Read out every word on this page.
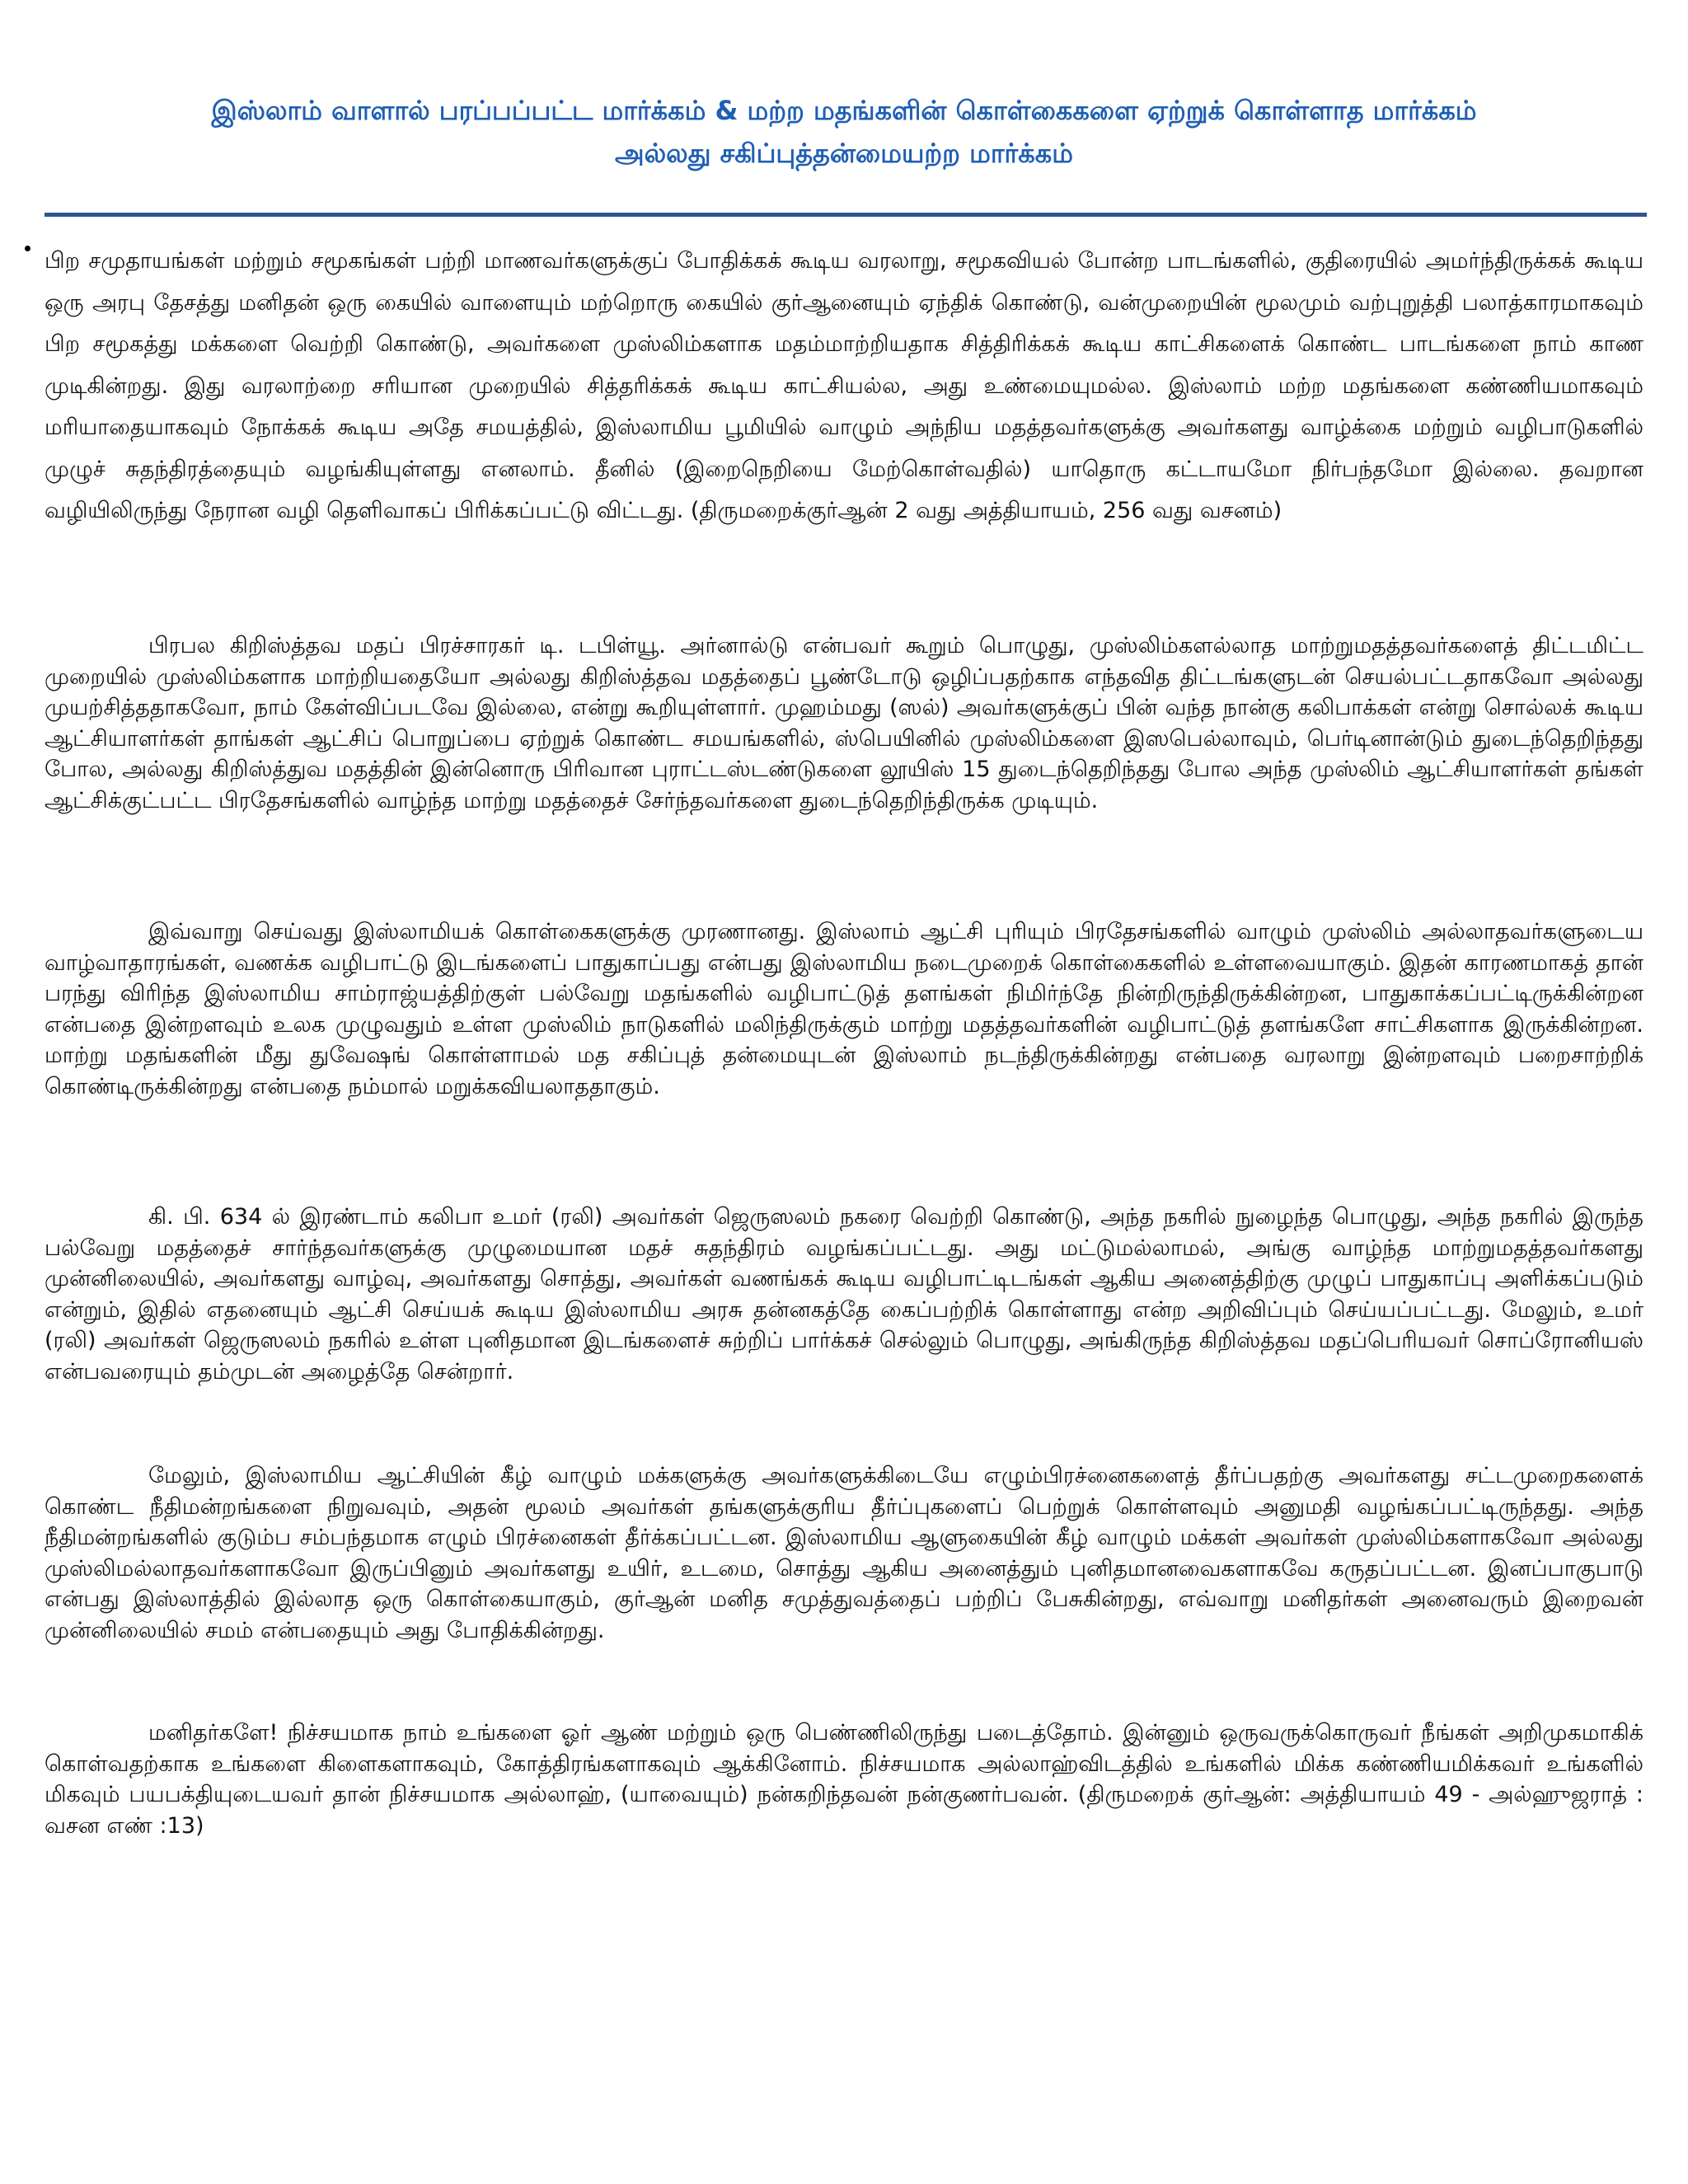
இஸ்லாம் வாளால் பரப்பப்பட்ட மார்க்கம் & மற்ற மதங்களின் கொள்கைகளை ஏற்றுக் கொள்ளாத மார்க்கம்
அல்லது சகிப்புத்தன்மையற்ற மார்க்கம்

பிற சமுதாயங்கள் மற்றும் சமூகங்கள் பற்றி மாணவர்களுக்குப் போதிக்கக் கூடிய வரலாறு, சமூகவியல் போன்ற பாடங்களில், குதிரையில் அமர்ந்திருக்கக் கூடிய ஒரு அரபு தேசத்து மனிதன் ஒரு கையில் வாளையும் மற்றொரு கையில் குர்ஆனையும் ஏந்திக் கொண்டு, வன்முறையின் மூலமும் வற்புறுத்தி பலாத்காரமாகவும் பிற சமூகத்து மக்களை வெற்றி கொண்டு, அவர்களை முஸ்லிம்களாக மதம்மாற்றியதாக சித்திரிக்கக் கூடிய காட்சிகளைக் கொண்ட பாடங்களை நாம் காண முடிகின்றது. இது வரலாற்றை சரியான முறையில் சித்தரிக்கக் கூடிய காட்சியல்ல, அது உண்மையுமல்ல. இஸ்லாம் மற்ற மதங்களை கண்ணியமாகவும் மரியாதையாகவும் நோக்கக் கூடிய அதே சமயத்தில், இஸ்லாமிய பூமியில் வாழும் அந்நிய மதத்தவர்களுக்கு அவர்களது வாழ்க்கை மற்றும் வழிபாடுகளில் முழுச் சுதந்திரத்தையும் வழங்கியுள்ளது எனலாம். தீனில் (இறைநெறியை மேற்கொள்வதில்) யாதொரு கட்டாயமோ நிர்பந்தமோ இல்லை. தவறான வழியிலிருந்து நேரான வழி தெளிவாகப் பிரிக்கப்பட்டு விட்டது. (திருமறைக்குர்ஆன் 2 வது அத்தியாயம், 256 வது வசனம்)

பிரபல கிறிஸ்த்தவ மதப் பிரச்சாரகர் டி. டபிள்யூ. அர்னால்டு என்பவர் கூறும் பொழுது, முஸ்லிம்களல்லாத மாற்றுமதத்தவர்களைத் திட்டமிட்ட முறையில் முஸ்லிம்களாக மாற்றியதையோ அல்லது கிறிஸ்த்தவ மதத்தைப் பூண்டோடு ஒழிப்பதற்காக எந்தவித திட்டங்களுடன் செயல்பட்டதாகவோ அல்லது முயற்சித்ததாகவோ, நாம் கேள்விப்படவே இல்லை, என்று கூறியுள்ளார். முஹம்மது (ஸல்) அவர்களுக்குப் பின் வந்த நான்கு கலிபாக்கள் என்று சொல்லக் கூடிய ஆட்சியாளர்கள் தாங்கள் ஆட்சிப் பொறுப்பை ஏற்றுக் கொண்ட சமயங்களில், ஸ்பெயினில் முஸ்லிம்களை இஸபெல்லாவும், பெர்டினான்டும் துடைந்தெறிந்தது போல, அல்லது கிறிஸ்த்துவ மதத்தின் இன்னொரு பிரிவான புராட்டஸ்டண்டுகளை லூயிஸ் 15 துடைந்தெறிந்தது போல அந்த முஸ்லிம் ஆட்சியாளர்கள் தங்கள் ஆட்சிக்குட்பட்ட பிரதேசங்களில் வாழ்ந்த மாற்று மதத்தைச் சேர்ந்தவர்களை துடைந்தெறிந்திருக்க முடியும்.

இவ்வாறு செய்வது இஸ்லாமியக் கொள்கைகளுக்கு முரணானது. இஸ்லாம் ஆட்சி புரியும் பிரதேசங்களில் வாழும் முஸ்லிம் அல்லாதவர்களுடைய வாழ்வாதாரங்கள், வணக்க வழிபாட்டு இடங்களைப் பாதுகாப்பது என்பது இஸ்லாமிய நடைமுறைக் கொள்கைகளில் உள்ளவையாகும். இதன் காரணமாகத் தான் பரந்து விரிந்த இஸ்லாமிய சாம்ராஜ்யத்திற்குள் பல்வேறு மதங்களில் வழிபாட்டுத் தளங்கள் நிமிர்ந்தே நின்றிருந்திருக்கின்றன, பாதுகாக்கப்பட்டிருக்கின்றன என்பதை இன்றளவும் உலக முழுவதும் உள்ள முஸ்லிம் நாடுகளில் மலிந்திருக்கும் மாற்று மதத்தவர்களின் வழிபாட்டுத் தளங்களே சாட்சிகளாக இருக்கின்றன. மாற்று மதங்களின் மீது துவேஷங் கொள்ளாமல் மத சகிப்புத் தன்மையுடன் இஸ்லாம் நடந்திருக்கின்றது என்பதை வரலாறு இன்றளவும் பறைசாற்றிக் கொண்டிருக்கின்றது என்பதை நம்மால் மறுக்கவியலாததாகும்.

கி. பி. 634 ல் இரண்டாம் கலிபா உமர் (ரலி) அவர்கள் ஜெருஸலம் நகரை வெற்றி கொண்டு, அந்த நகரில் நுழைந்த பொழுது, அந்த நகரில் இருந்த பல்வேறு மதத்தைச் சார்ந்தவர்களுக்கு முழுமையான மதச் சுதந்திரம் வழங்கப்பட்டது. அது மட்டுமல்லாமல், அங்கு வாழ்ந்த மாற்றுமதத்தவர்களது முன்னிலையில், அவர்களது வாழ்வு, அவர்களது சொத்து, அவர்கள் வணங்கக் கூடிய வழிபாட்டிடங்கள் ஆகிய அனைத்திற்கு முழுப் பாதுகாப்பு அளிக்கப்படும் என்றும், இதில் எதனையும் ஆட்சி செய்யக் கூடிய இஸ்லாமிய அரசு தன்னகத்தே கைப்பற்றிக் கொள்ளாது என்ற அறிவிப்பும் செய்யப்பட்டது. மேலும், உமர் (ரலி) அவர்கள் ஜெருஸலம் நகரில் உள்ள புனிதமான இடங்களைச் சுற்றிப் பார்க்கச் செல்லும் பொழுது, அங்கிருந்த கிறிஸ்த்தவ மதப்பெரியவர் சொப்ரோனியஸ் என்பவரையும் தம்முடன் அழைத்தே சென்றார்.

மேலும், இஸ்லாமிய ஆட்சியின் கீழ் வாழும் மக்களுக்கு அவர்களுக்கிடையே எழும்பிரச்னைகளைத் தீர்ப்பதற்கு அவர்களது சட்டமுறைகளைக் கொண்ட நீதிமன்றங்களை நிறுவவும், அதன் மூலம் அவர்கள் தங்களுக்குரிய தீர்ப்புகளைப் பெற்றுக் கொள்ளவும் அனுமதி வழங்கப்பட்டிருந்தது. அந்த நீதிமன்றங்களில் குடும்ப சம்பந்தமாக எழும் பிரச்னைகள் தீர்க்கப்பட்டன. இஸ்லாமிய ஆளுகையின் கீழ் வாழும் மக்கள் அவர்கள் முஸ்லிம்களாகவோ அல்லது முஸ்லிமல்லாதவர்களாகவோ இருப்பினும் அவர்களது உயிர், உடமை, சொத்து ஆகிய அனைத்தும் புனிதமானவைகளாகவே கருதப்பட்டன. இனப்பாகுபாடு என்பது இஸ்லாத்தில் இல்லாத ஒரு கொள்கையாகும், குர்ஆன் மனித சமுத்துவத்தைப் பற்றிப் பேசுகின்றது, எவ்வாறு மனிதர்கள் அனைவரும் இறைவன் முன்னிலையில் சமம் என்பதையும் அது போதிக்கின்றது.

மனிதர்களே! நிச்சயமாக நாம் உங்களை ஓர் ஆண் மற்றும் ஒரு பெண்ணிலிருந்து படைத்தோம். இன்னும் ஒருவருக்கொருவர் நீங்கள் அறிமுகமாகிக் கொள்வதற்காக உங்களை கிளைகளாகவும், கோத்திரங்களாகவும் ஆக்கினோம். நிச்சயமாக அல்லாஹ்விடத்தில் உங்களில் மிக்க கண்ணியமிக்கவர் உங்களில் மிகவும் பயபக்தியுடையவர் தான் நிச்சயமாக அல்லாஹ், (யாவையும்) நன்கறிந்தவன் நன்குணர்பவன். (திருமறைக் குர்ஆன்: அத்தியாயம் 49 - அல்ஹுஜராத் : வசன எண் :13)
